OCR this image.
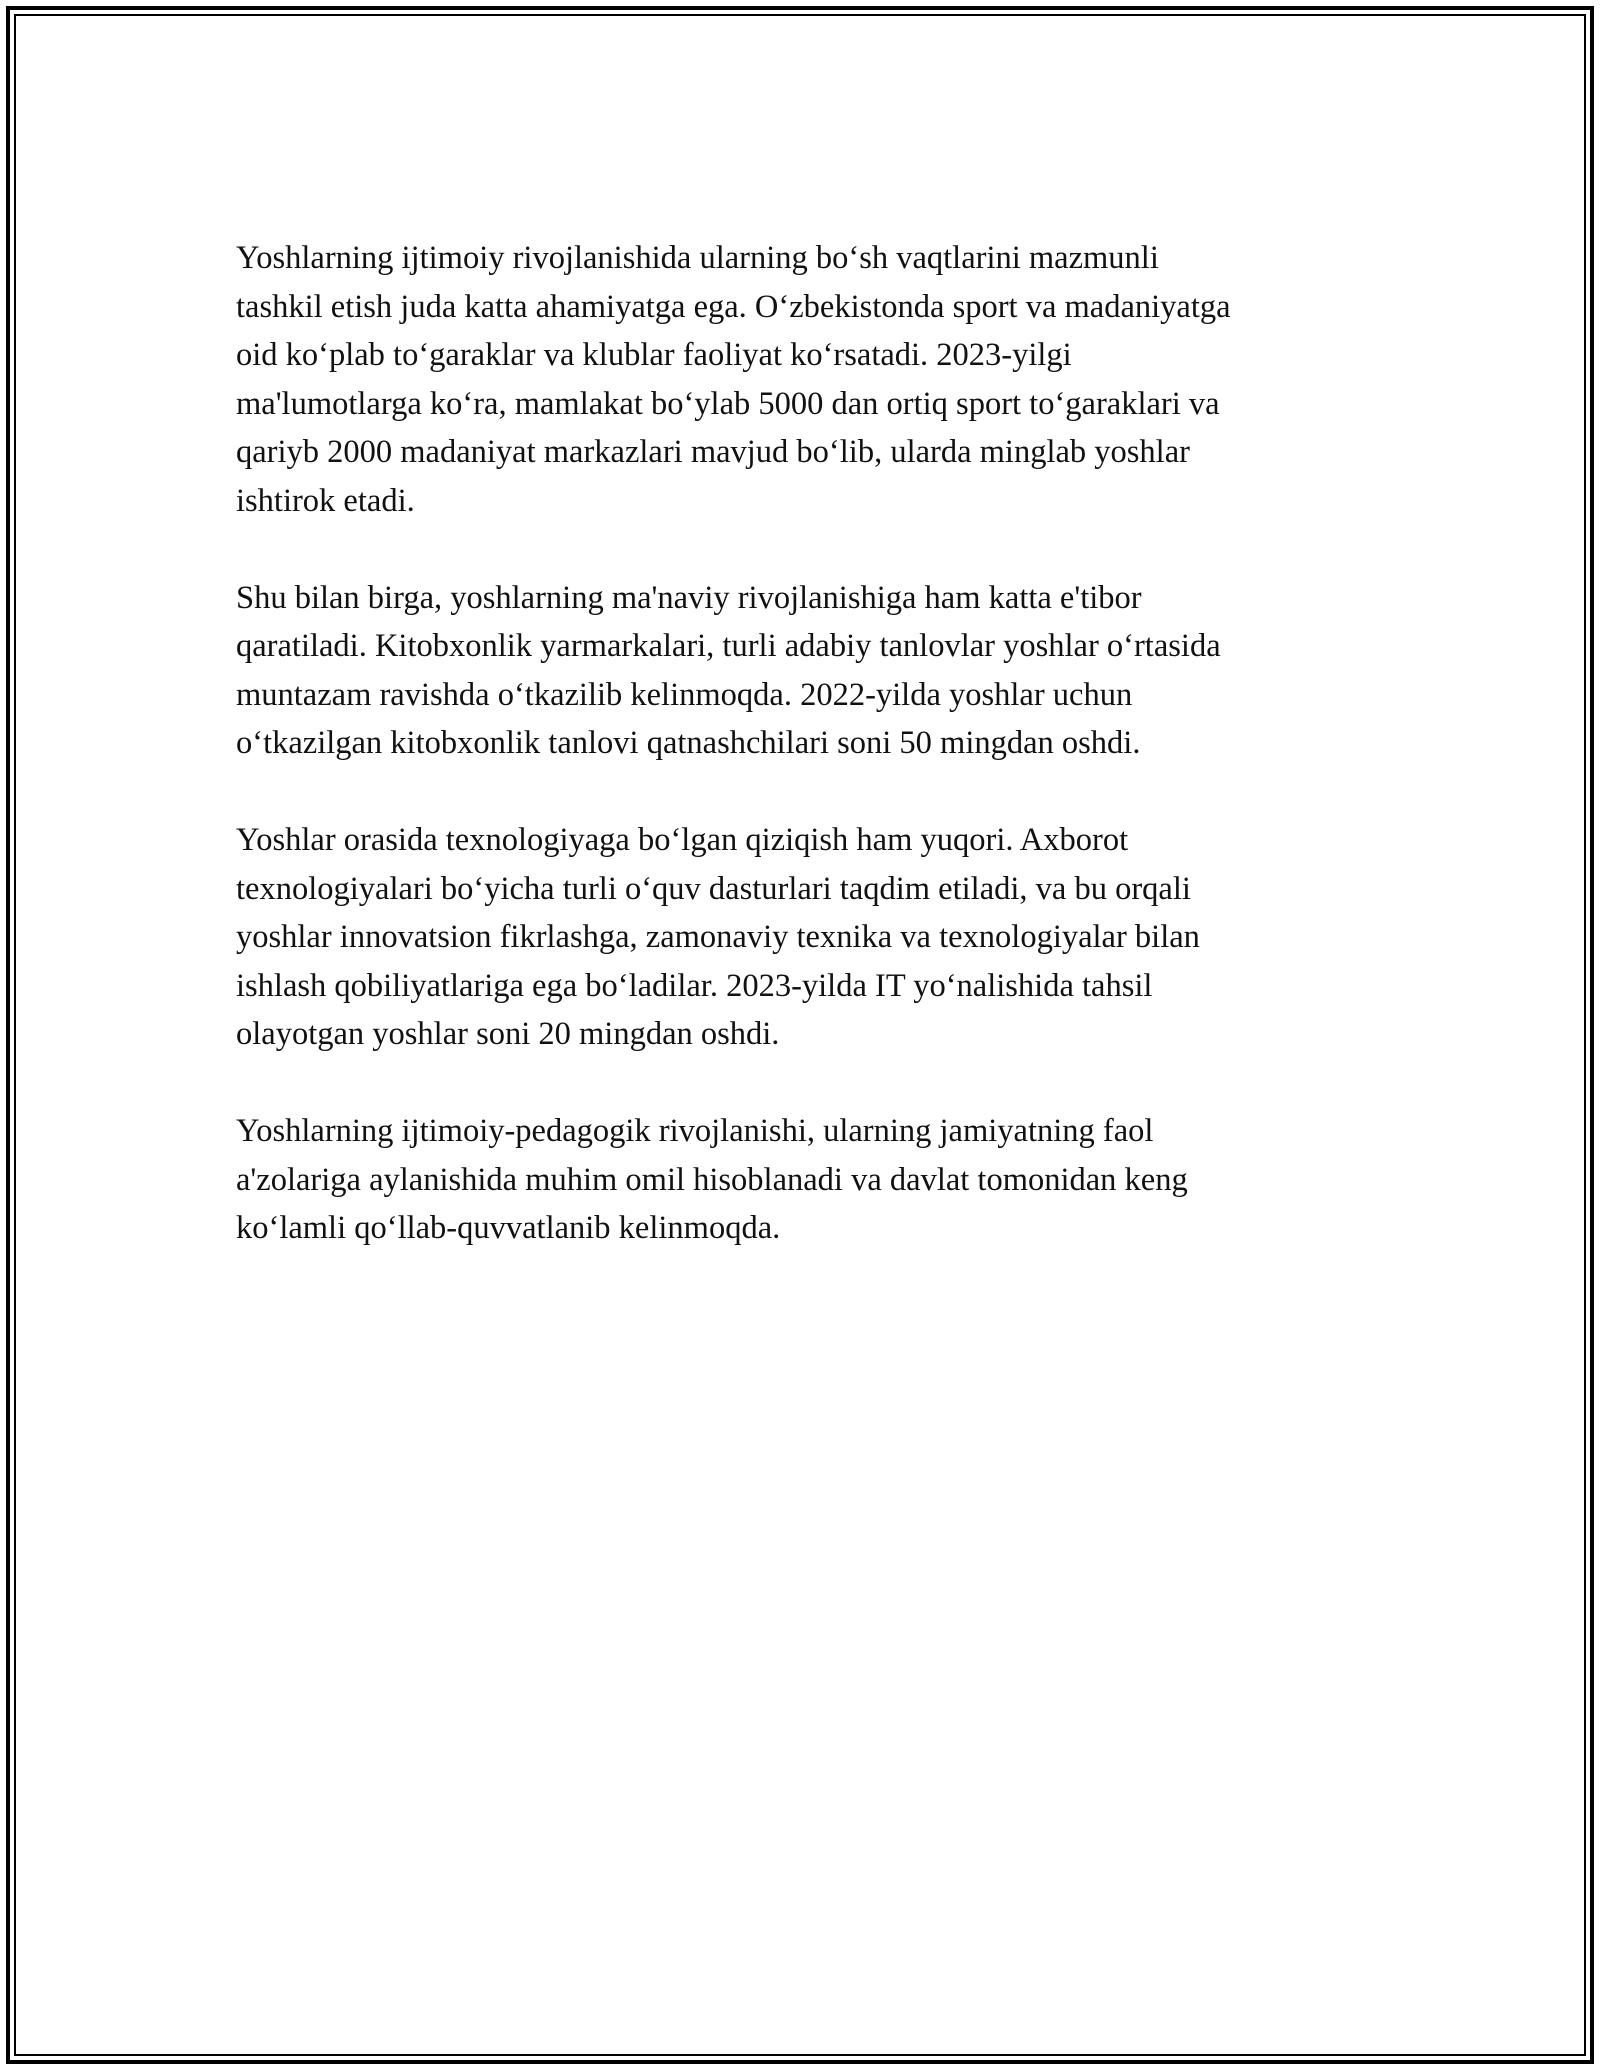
Yoshlarning ijtimoiy rivojlanishida ularning bo‘sh vaqtlarini mazmunli
tashkil etish juda katta ahamiyatga ega. O‘zbekistonda sport va madaniyatga
oid ko‘plab to‘garaklar va klublar faoliyat ko‘rsatadi. 2023-yilgi
ma'lumotlarga ko‘ra, mamlakat bo‘ylab 5000 dan ortiq sport to‘garaklari va
qariyb 2000 madaniyat markazlari mavjud bo‘lib, ularda minglab yoshlar
ishtirok etadi.

Shu bilan birga, yoshlarning ma'naviy rivojlanishiga ham katta e'tibor
qaratiladi. Kitobxonlik yarmarkalari, turli adabiy tanlovlar yoshlar o‘rtasida
muntazam ravishda o‘tkazilib kelinmoqda. 2022-yilda yoshlar uchun
o‘tkazilgan kitobxonlik tanlovi qatnashchilari soni 50 mingdan oshdi.

Yoshlar orasida texnologiyaga bo‘lgan qiziqish ham yuqori. Axborot
texnologiyalari bo‘yicha turli o‘quv dasturlari taqdim etiladi, va bu orqali
yoshlar innovatsion fikrlashga, zamonaviy texnika va texnologiyalar bilan
ishlash qobiliyatlariga ega bo‘ladilar. 2023-yilda IT yo‘nalishida tahsil
olayotgan yoshlar soni 20 mingdan oshdi.

Yoshlarning ijtimoiy-pedagogik rivojlanishi, ularning jamiyatning faol
a'zolariga aylanishida muhim omil hisoblanadi va davlat tomonidan keng
ko‘lamli qo‘llab-quvvatlanib kelinmoqda.
